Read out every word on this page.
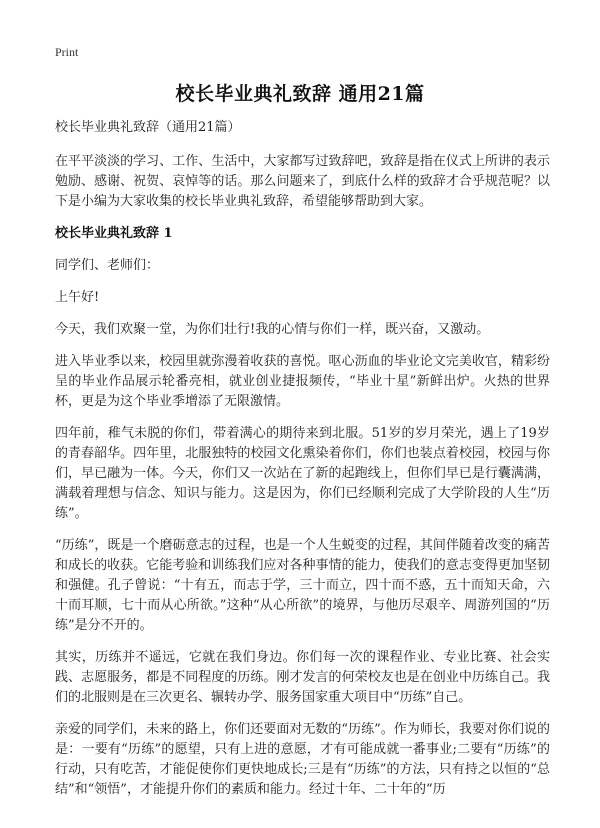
Print
校长毕业典礼致辞 通用21篇

校长毕业典礼致辞（通用21篇）

在平平淡淡的学习、工作、生活中，大家都写过致辞吧，致辞是指在仪式上所讲的表示勉励、感谢、祝贺、哀悼等的话。那么问题来了，到底什么样的致辞才合乎规范呢？以下是小编为大家收集的校长毕业典礼致辞，希望能够帮助到大家。

校长毕业典礼致辞 1

同学们、老师们：

上午好!

今天，我们欢聚一堂，为你们壮行!我的心情与你们一样，既兴奋，又激动。

进入毕业季以来，校园里就弥漫着收获的喜悦。呕心沥血的毕业论文完美收官，精彩纷呈的毕业作品展示轮番亮相，就业创业捷报频传，“毕业十星”新鲜出炉。火热的世界杯，更是为这个毕业季增添了无限激情。

四年前，稚气未脱的你们，带着满心的期待来到北服。51岁的岁月荣光，遇上了19岁的青春韶华。四年里，北服独特的校园文化熏染着你们，你们也装点着校园，校园与你们，早已融为一体。今天，你们又一次站在了新的起跑线上，但你们早已是行囊满满，满载着理想与信念、知识与能力。这是因为，你们已经顺利完成了大学阶段的人生“历练”。

“历练”，既是一个磨砺意志的过程，也是一个人生蜕变的过程，其间伴随着改变的痛苦和成长的收获。它能考验和训练我们应对各种事情的能力，使我们的意志变得更加坚韧和强健。孔子曾说：“十有五，而志于学，三十而立，四十而不惑，五十而知天命，六十而耳顺，七十而从心所欲。”这种“从心所欲”的境界，与他历尽艰辛、周游列国的“历练”是分不开的。

其实，历练并不遥远，它就在我们身边。你们每一次的课程作业、专业比赛、社会实践、志愿服务，都是不同程度的历练。刚才发言的何荣校友也是在创业中历练自己。我们的北服则是在三次更名、辗转办学、服务国家重大项目中“历练”自己。

亲爱的同学们，未来的路上，你们还要面对无数的“历练”。作为师长，我要对你们说的是：一要有“历练”的愿望，只有上进的意愿，才有可能成就一番事业;二要有“历练”的行动，只有吃苦，才能促使你们更快地成长;三是有“历练”的方法，只有持之以恒的“总结”和“领悟”，才能提升你们的素质和能力。经过十年、二十年的“历
